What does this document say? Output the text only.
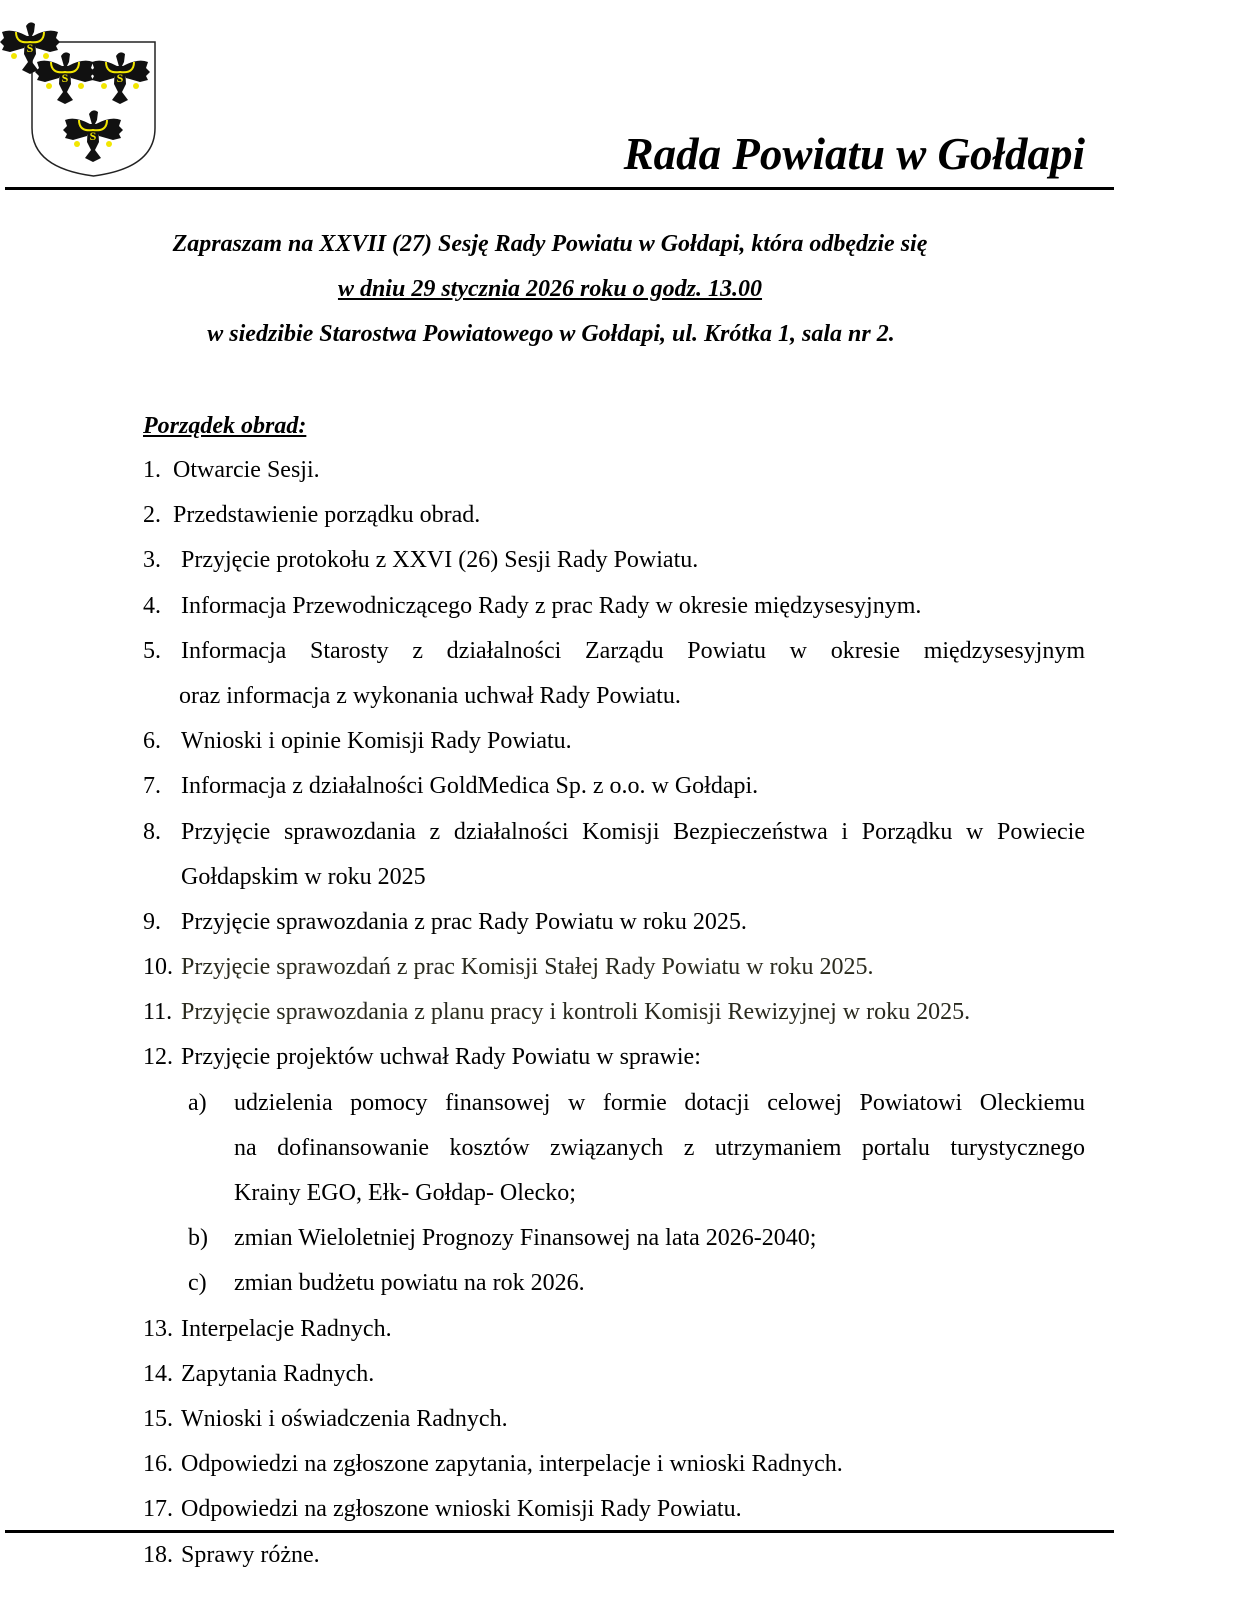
S
Rada Powiatu w Gołdapi
Zapraszam na XXVII (27) Sesję Rady Powiatu w Gołdapi, która odbędzie się
w dniu 29 stycznia 2026 roku o godz. 13.00
w siedzibie Starostwa Powiatowego w Gołdapi, ul. Krótka 1, sala nr 2.
Porządek obrad:
1. Otwarcie Sesji.
2. Przedstawienie porządku obrad.
3. Przyjęcie protokołu z XXVI (26) Sesji Rady Powiatu.
4. Informacja Przewodniczącego Rady z prac Rady w okresie międzysesyjnym.
5. Informacja Starosty z działalności Zarządu Powiatu w okresie międzysesyjnym
oraz informacja z wykonania uchwał Rady Powiatu.
6. Wnioski i opinie Komisji Rady Powiatu.
7. Informacja z działalności GoldMedica Sp. z o.o. w Gołdapi.
8. Przyjęcie sprawozdania z działalności Komisji Bezpieczeństwa i Porządku w Powiecie
Gołdapskim w roku 2025
9. Przyjęcie sprawozdania z prac Rady Powiatu w roku 2025.
10. Przyjęcie sprawozdań z prac Komisji Stałej Rady Powiatu w roku 2025.
11. Przyjęcie sprawozdania z planu pracy i kontroli Komisji Rewizyjnej w roku 2025.
12. Przyjęcie projektów uchwał Rady Powiatu w sprawie:
a) udzielenia pomocy finansowej w formie dotacji celowej Powiatowi Oleckiemu
na dofinansowanie kosztów związanych z utrzymaniem portalu turystycznego
Krainy EGO, Ełk- Gołdap- Olecko;
b) zmian Wieloletniej Prognozy Finansowej na lata 2026-2040;
c) zmian budżetu powiatu na rok 2026.
13. Interpelacje Radnych.
14. Zapytania Radnych.
15. Wnioski i oświadczenia Radnych.
16. Odpowiedzi na zgłoszone zapytania, interpelacje i wnioski Radnych.
17. Odpowiedzi na zgłoszone wnioski Komisji Rady Powiatu.
18. Sprawy różne.
